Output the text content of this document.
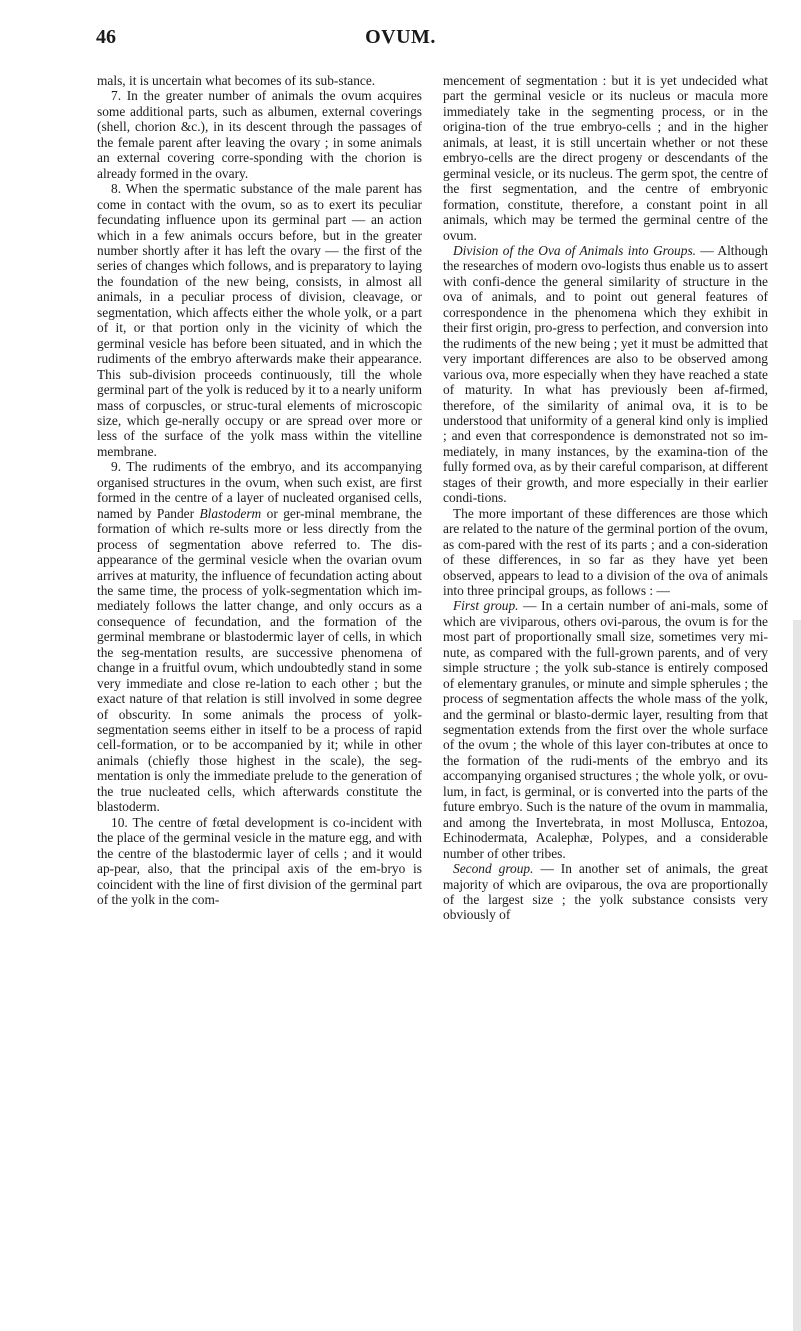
46	OVUM.

mals, it is uncertain what becomes of its sub-stance.

7. In the greater number of animals the ovum acquires some additional parts, such as albumen, external coverings (shell, chorion &c.), in its descent through the passages of the female parent after leaving the ovary ; in some animals an external covering corre-sponding with the chorion is already formed in the ovary.

8. When the spermatic substance of the male parent has come in contact with the ovum, so as to exert its peculiar fecundating influence upon its germinal part — an action which in a few animals occurs before, but in the greater number shortly after it has left the ovary — the first of the series of changes which follows, and is preparatory to laying the foundation of the new being, consists, in almost all animals, in a peculiar process of division, cleavage, or segmentation, which affects either the whole yolk, or a part of it, or that portion only in the vicinity of which the germinal vesicle has before been situated, and in which the rudiments of the embryo afterwards make their appearance. This sub-division proceeds continuously, till the whole germinal part of the yolk is reduced by it to a nearly uniform mass of corpuscles, or struc-tural elements of microscopic size, which ge-nerally occupy or are spread over more or less of the surface of the yolk mass within the vitelline membrane.

9. The rudiments of the embryo, and its accompanying organised structures in the ovum, when such exist, are first formed in the centre of a layer of nucleated organised cells, named by Pander Blastoderm or ger-minal membrane, the formation of which re-sults more or less directly from the process of segmentation above referred to. The dis-appearance of the germinal vesicle when the ovarian ovum arrives at maturity, the influence of fecundation acting about the same time, the process of yolk-segmentation which im-mediately follows the latter change, and only occurs as a consequence of fecundation, and the formation of the germinal membrane or blastodermic layer of cells, in which the seg-mentation results, are successive phenomena of change in a fruitful ovum, which undoubtedly stand in some very immediate and close re-lation to each other ; but the exact nature of that relation is still involved in some degree of obscurity. In some animals the process of yolk-segmentation seems either in itself to be a process of rapid cell-formation, or to be accompanied by it; while in other animals (chiefly those highest in the scale), the seg-mentation is only the immediate prelude to the generation of the true nucleated cells, which afterwards constitute the blastoderm.

10. The centre of fœtal development is co-incident with the place of the germinal vesicle in the mature egg, and with the centre of the blastodermic layer of cells ; and it would ap-pear, also, that the principal axis of the em-bryo is coincident with the line of first division of the germinal part of the yolk in the com-

mencement of segmentation : but it is yet undecided what part the germinal vesicle or its nucleus or macula more immediately take in the segmenting process, or in the origina-tion of the true embryo-cells ; and in the higher animals, at least, it is still uncertain whether or not these embryo-cells are the direct progeny or descendants of the germinal vesicle, or its nucleus. The germ spot, the centre of the first segmentation, and the centre of embryonic formation, constitute, therefore, a constant point in all animals, which may be termed the germinal centre of the ovum.

Division of the Ova of Animals into Groups. — Although the researches of modern ovo-logists thus enable us to assert with confi-dence the general similarity of structure in the ova of animals, and to point out general features of correspondence in the phenomena which they exhibit in their first origin, pro-gress to perfection, and conversion into the rudiments of the new being ; yet it must be admitted that very important differences are also to be observed among various ova, more especially when they have reached a state of maturity. In what has previously been af-firmed, therefore, of the similarity of animal ova, it is to be understood that uniformity of a general kind only is implied ; and even that correspondence is demonstrated not so im-mediately, in many instances, by the examina-tion of the fully formed ova, as by their careful comparison, at different stages of their growth, and more especially in their earlier condi-tions.

The more important of these differences are those which are related to the nature of the germinal portion of the ovum, as com-pared with the rest of its parts ; and a con-sideration of these differences, in so far as they have yet been observed, appears to lead to a division of the ova of animals into three principal groups, as follows : —

First group. — In a certain number of ani-mals, some of which are viviparous, others ovi-parous, the ovum is for the most part of proportionally small size, sometimes very mi-nute, as compared with the full-grown parents, and of very simple structure ; the yolk sub-stance is entirely composed of elementary granules, or minute and simple spherules ; the process of segmentation affects the whole mass of the yolk, and the germinal or blasto-dermic layer, resulting from that segmentation extends from the first over the whole surface of the ovum ; the whole of this layer con-tributes at once to the formation of the rudi-ments of the embryo and its accompanying organised structures ; the whole yolk, or ovu-lum, in fact, is germinal, or is converted into the parts of the future embryo. Such is the nature of the ovum in mammalia, and among the Invertebrata, in most Mollusca, Entozoa, Echinodermata, Acalephæ, Polypes, and a considerable number of other tribes.

Second group. — In another set of animals, the great majority of which are oviparous, the ova are proportionally of the largest size ; the yolk substance consists very obviously of
